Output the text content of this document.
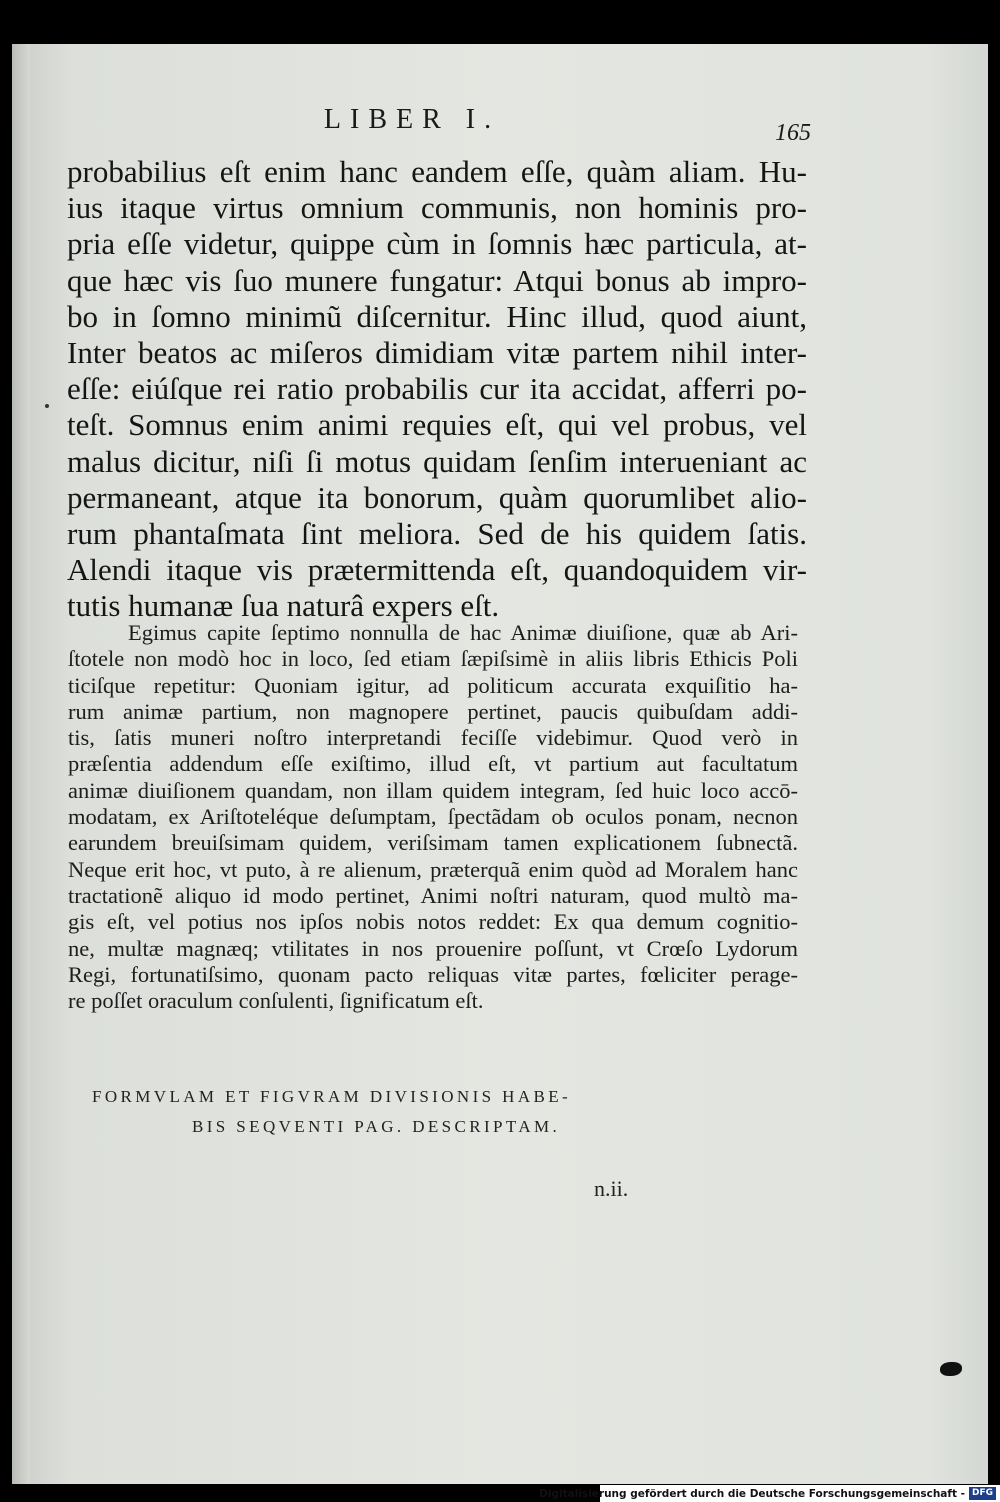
LIBER I.	165
probabilius eſt enim hanc eandem eſſe, quàm aliam. Hu-
ius itaque virtus omnium communis, non hominis pro-
pria eſſe videtur, quippe cùm in ſomnis hæc particula, at-
que hæc vis ſuo munere fungatur: Atqui bonus ab impro-
bo in ſomno minimũ diſcernitur. Hinc illud, quod aiunt,
Inter beatos ac miſeros dimidiam vitæ partem nihil inter-
eſſe: eiúſque rei ratio probabilis cur ita accidat, afferri po-
teſt. Somnus enim animi requies eſt, qui vel probus, vel
malus dicitur, niſi ſi motus quidam ſenſim interueniant ac
permaneant, atque ita bonorum, quàm quorumlibet alio-
rum phantaſmata ſint meliora. Sed de his quidem ſatis.
Alendi itaque vis prætermittenda eſt, quandoquidem vir-
tutis humanæ ſua naturâ expers eſt.
Egimus capite ſeptimo nonnulla de hac Animæ diuiſione, quæ ab Ari-
ſtotele non modò hoc in loco, ſed etiam ſæpiſsimè in aliis libris Ethicis Poli
ticiſque repetitur: Quoniam igitur, ad politicum accurata exquiſitio ha-
rum animæ partium, non magnopere pertinet, paucis quibuſdam addi-
tis, ſatis muneri noſtro interpretandi feciſſe videbimur. Quod verò in
præſentia addendum eſſe exiſtimo, illud eſt, vt partium aut facultatum
animæ diuiſionem quandam, non illam quidem integram, ſed huic loco accō-
modatam, ex Ariſtoteléque deſumptam, ſpectãdam ob oculos ponam, necnon
earundem breuiſsimam quidem, veriſsimam tamen explicationem ſubnectã.
Neque erit hoc, vt puto, à re alienum, præterquã enim quòd ad Moralem hanc
tractationẽ aliquo id modo pertinet, Animi noſtri naturam, quod multò ma-
gis eſt, vel potius nos ipſos nobis notos reddet: Ex qua demum cognitio-
ne, multæ magnæq; vtilitates in nos prouenire poſſunt, vt Crœſo Lydorum
Regi, fortunatiſsimo, quonam pacto reliquas vitæ partes, fœliciter perage-
re poſſet oraculum conſulenti, ſignificatum eſt.
FORMVLAM ET FIGVRAM DIVISIONIS HABE-
BIS SEQVENTI PAG. DESCRIPTAM.
n.ii.
Digitalisierung gefördert durch die Deutsche Forschungsgemeinschaft - DFG
